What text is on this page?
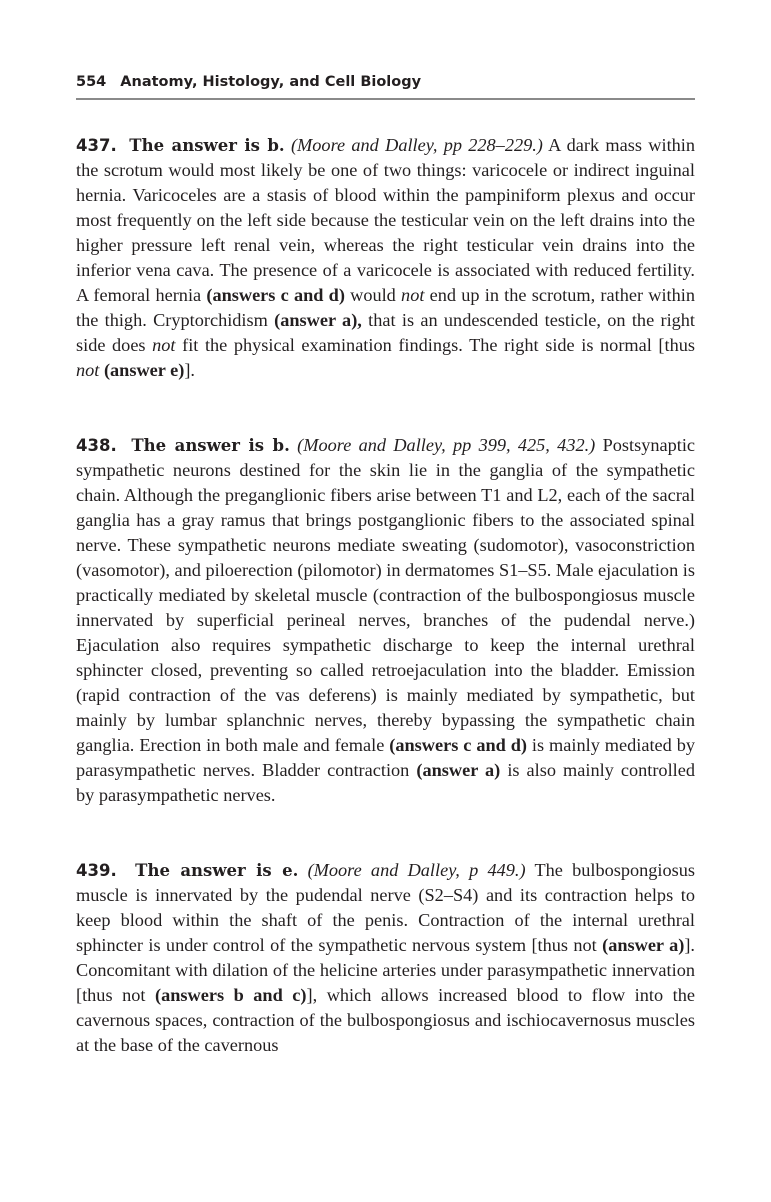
554 Anatomy, Histology, and Cell Biology

437. The answer is b. (Moore and Dalley, pp 228–229.) A dark mass within the scrotum would most likely be one of two things: varicocele or indirect inguinal hernia. Varicoceles are a stasis of blood within the pampiniform plexus and occur most frequently on the left side because the testicular vein on the left drains into the higher pressure left renal vein, whereas the right testicular vein drains into the inferior vena cava. The presence of a varicocele is associated with reduced fertility. A femoral hernia (answers c and d) would not end up in the scrotum, rather within the thigh. Cryptorchidism (answer a), that is an undescended testicle, on the right side does not fit the physical examination findings. The right side is normal [thus not (answer e)].

438. The answer is b. (Moore and Dalley, pp 399, 425, 432.) Postsynaptic sympathetic neurons destined for the skin lie in the ganglia of the sympathetic chain. Although the preganglionic fibers arise between T1 and L2, each of the sacral ganglia has a gray ramus that brings postganglionic fibers to the associated spinal nerve. These sympathetic neurons mediate sweating (sudomotor), vasoconstriction (vasomotor), and piloerection (pilomotor) in dermatomes S1–S5. Male ejaculation is practically mediated by skeletal muscle (contraction of the bulbospongiosus muscle innervated by superficial perineal nerves, branches of the pudendal nerve.) Ejaculation also requires sympathetic discharge to keep the internal urethral sphincter closed, preventing so called retroejaculation into the bladder. Emission (rapid contraction of the vas deferens) is mainly mediated by sympathetic, but mainly by lumbar splanchnic nerves, thereby bypassing the sympathetic chain ganglia. Erection in both male and female (answers c and d) is mainly mediated by parasympathetic nerves. Bladder contraction (answer a) is also mainly controlled by parasympathetic nerves.

439. The answer is e. (Moore and Dalley, p 449.) The bulbospongiosus muscle is innervated by the pudendal nerve (S2–S4) and its contraction helps to keep blood within the shaft of the penis. Contraction of the internal urethral sphincter is under control of the sympathetic nervous system [thus not (answer a)]. Concomitant with dilation of the helicine arteries under parasympathetic innervation [thus not (answers b and c)], which allows increased blood to flow into the cavernous spaces, contraction of the bulbospongiosus and ischiocavernosus muscles at the base of the cavernous
